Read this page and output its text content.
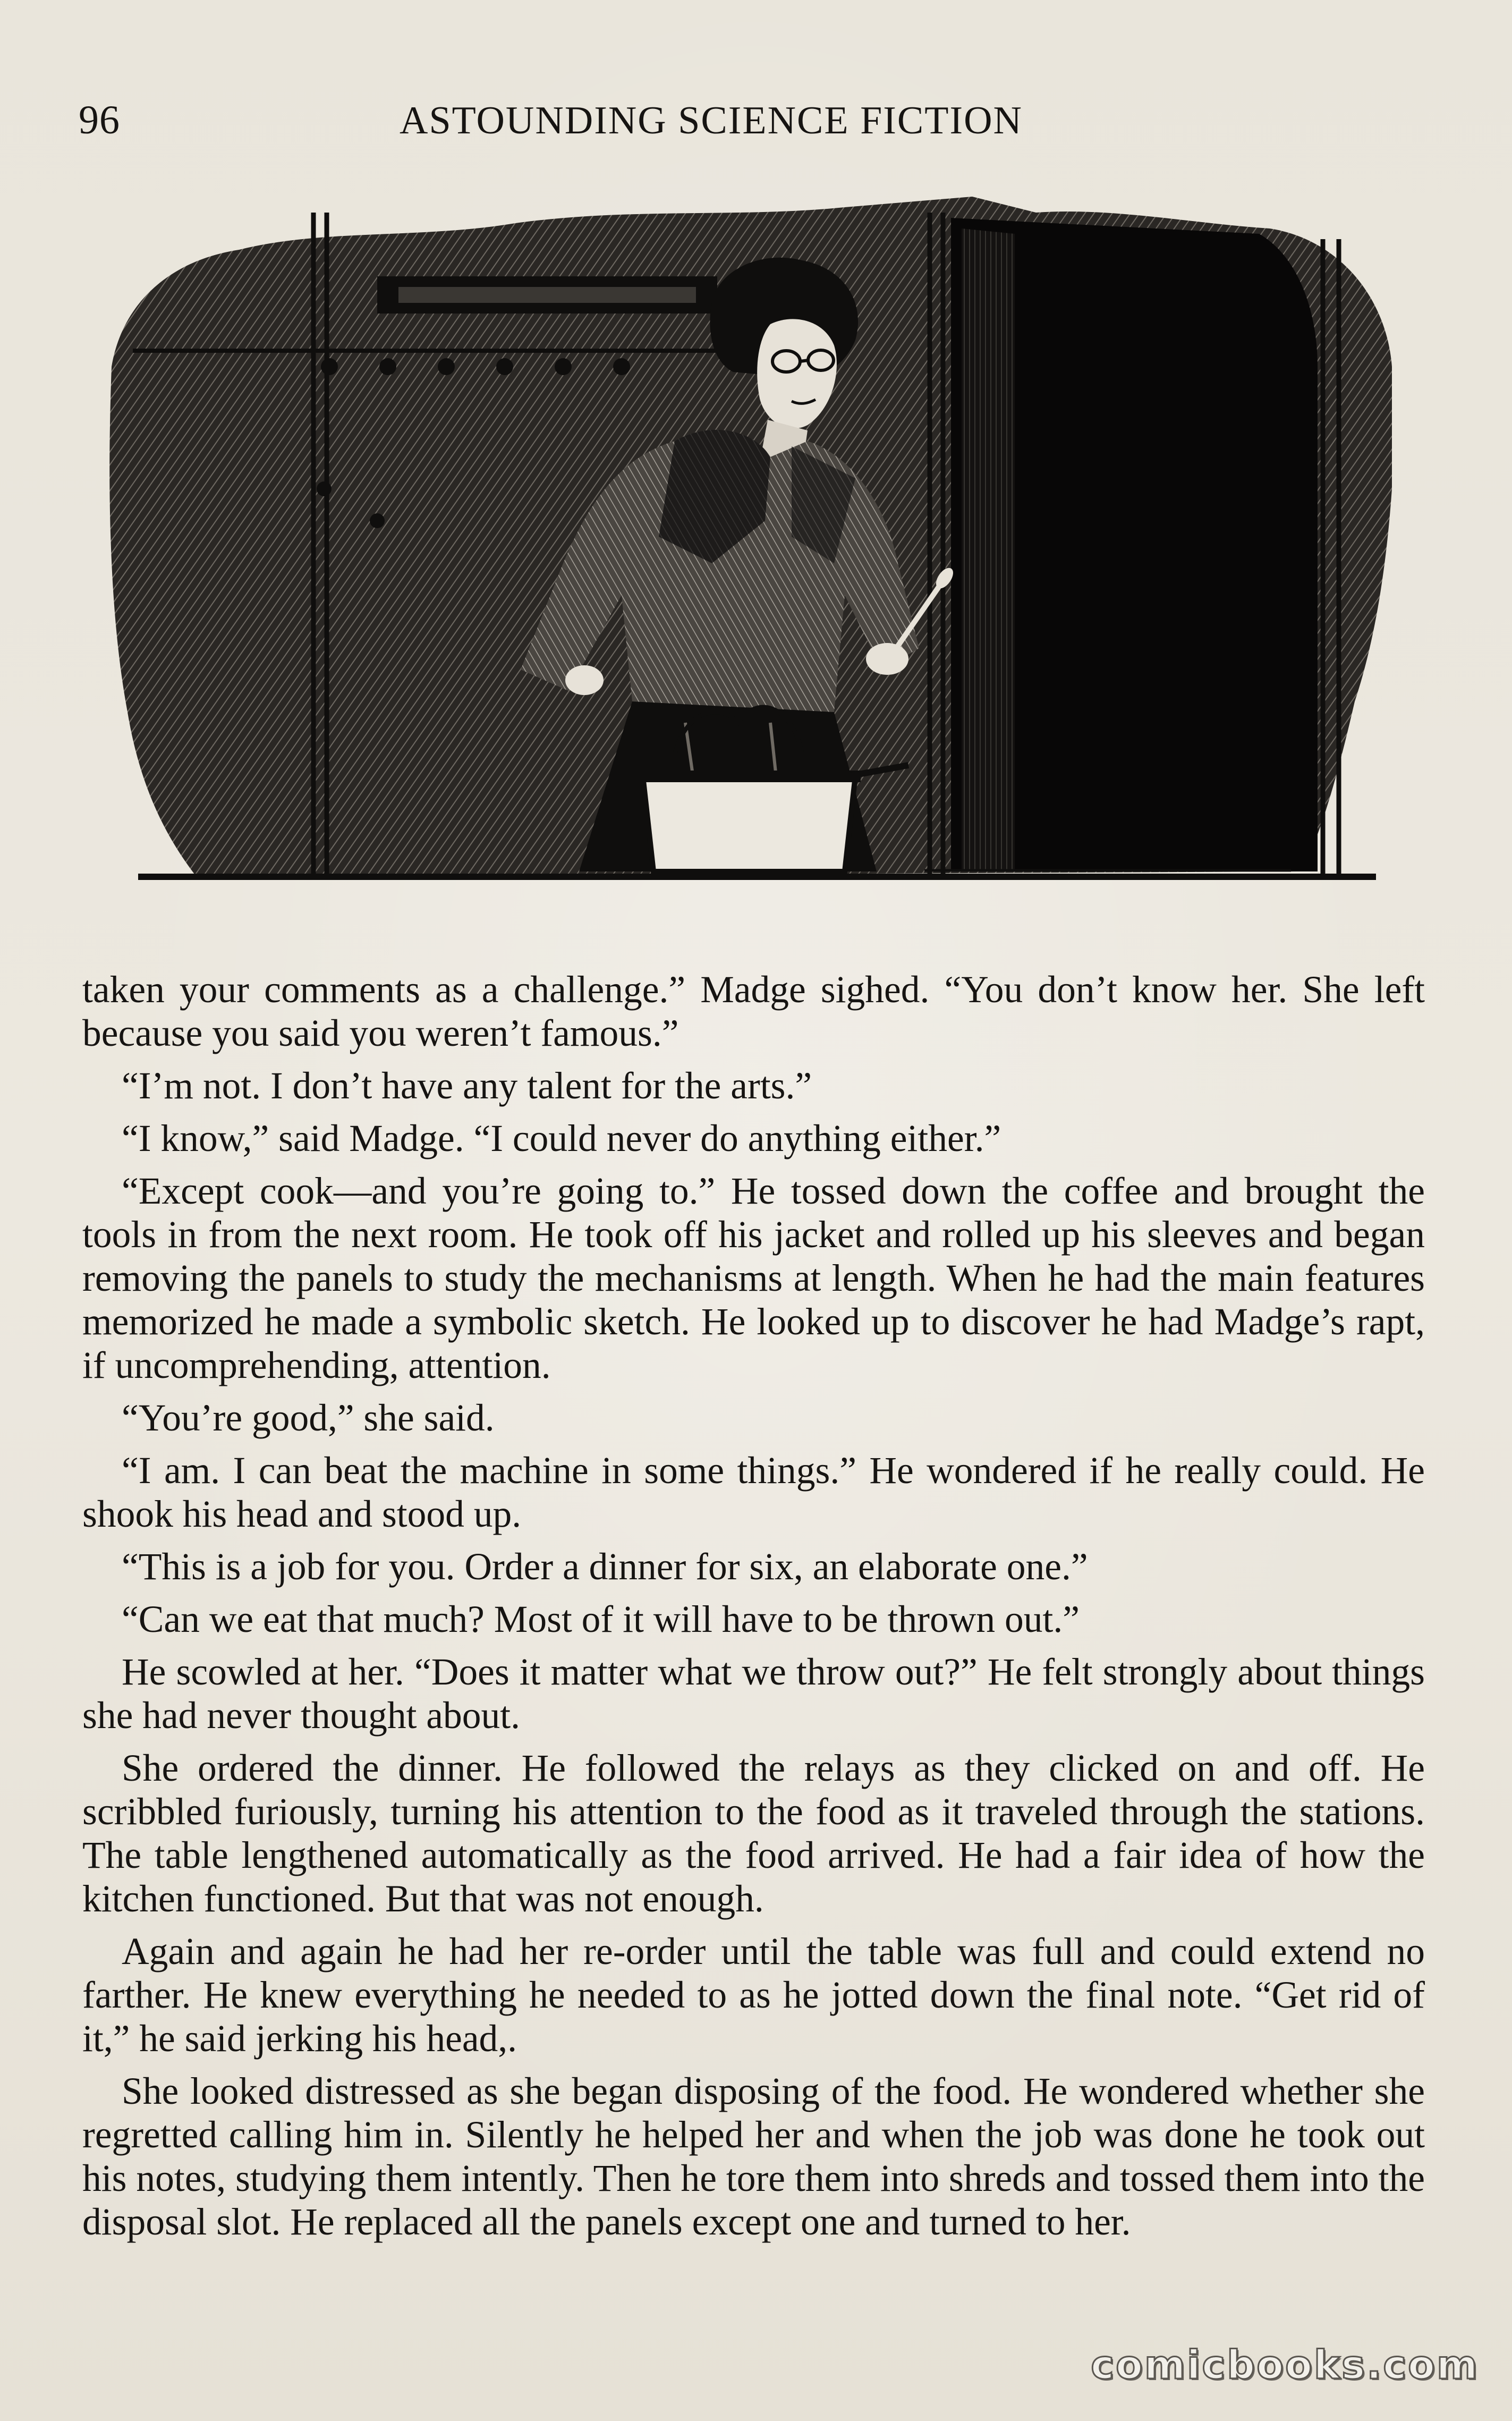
96	ASTOUNDING SCIENCE FICTION

taken your comments as a challenge.” Madge sighed. “You don’t know her. She left because you said you weren’t famous.”

“I’m not. I don’t have any talent for the arts.”

“I know,” said Madge. “I could never do anything either.”

“Except cook—and you’re going to.” He tossed down the coffee and brought the tools in from the next room. He took off his jacket and rolled up his sleeves and began removing the panels to study the mechanisms at length. When he had the main features memorized he made a symbolic sketch. He looked up to discover he had Madge’s rapt, if uncomprehending, attention.

“You’re good,” she said.

“I am. I can beat the machine in some things.” He wondered if he really could. He shook his head and stood up.

“This is a job for you. Order a dinner for six, an elaborate one.”

“Can we eat that much? Most of it will have to be thrown out.”

He scowled at her. “Does it matter what we throw out?” He felt strongly about things she had never thought about.

She ordered the dinner. He followed the relays as they clicked on and off. He scribbled furiously, turning his attention to the food as it traveled through the stations. The table lengthened automatically as the food arrived. He had a fair idea of how the kitchen functioned. But that was not enough.

Again and again he had her re-order until the table was full and could extend no farther. He knew everything he needed to as he jotted down the final note. “Get rid of it,” he said jerking his head,.

She looked distressed as she began disposing of the food. He wondered whether she regretted calling him in. Silently he helped her and when the job was done he took out his notes, studying them intently. Then he tore them into shreds and tossed them into the disposal slot. He replaced all the panels except one and turned to her.

comicbooks.com
